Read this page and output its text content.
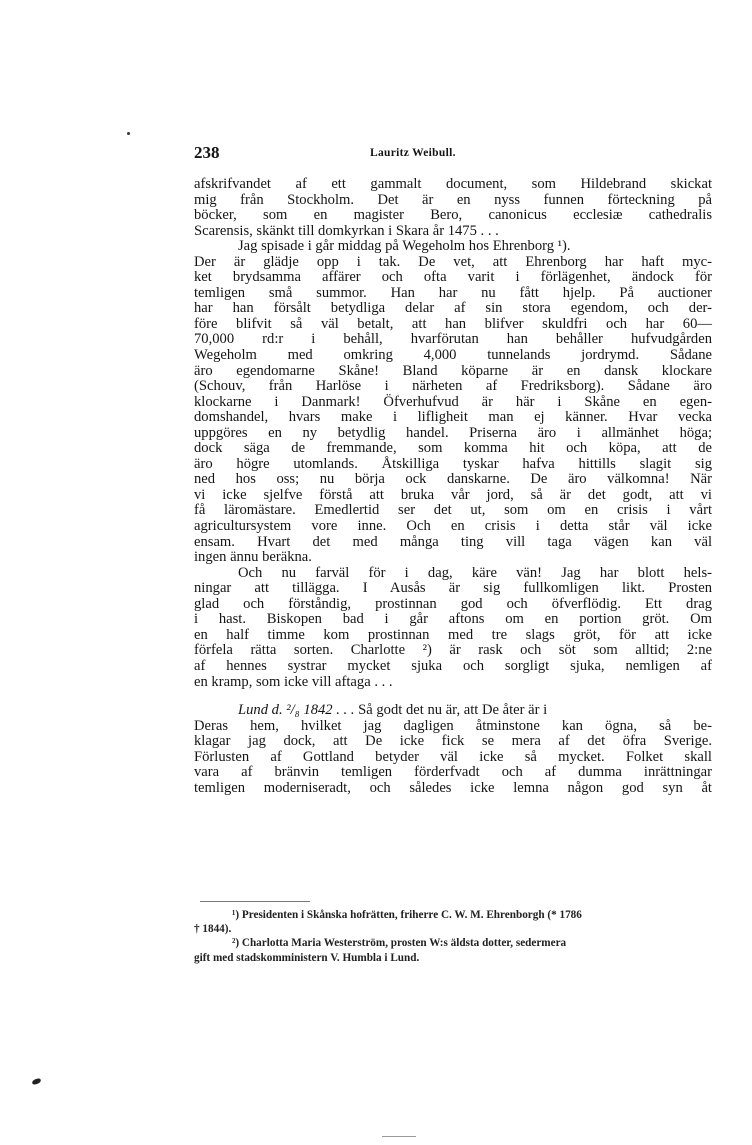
238	Lauritz Weibull.
afskrifvandet af ett gammalt document, som Hildebrand skickat
mig från Stockholm. Det är en nyss funnen förteckning på
böcker, som en magister Bero, canonicus ecclesiæ cathedralis
Scarensis, skänkt till domkyrkan i Skara år 1475 . . .
Jag spisade i går middag på Wegeholm hos Ehrenborg ¹).
Der är glädje opp i tak. De vet, att Ehrenborg har haft myc-
ket brydsamma affärer och ofta varit i förlägenhet, ändock för
temligen små summor. Han har nu fått hjelp. På auctioner
har han försålt betydliga delar af sin stora egendom, och der-
före blifvit så väl betalt, att han blifver skuldfri och har 60—
70,000 rd:r i behåll, hvarförutan han behåller hufvudgården
Wegeholm med omkring 4,000 tunnelands jordrymd. Sådane
äro egendomarne Skåne! Bland köparne är en dansk klockare
(Schouv, från Harlöse i närheten af Fredriksborg). Sådane äro
klockarne i Danmark! Öfverhufvud är här i Skåne en egen-
domshandel, hvars make i lifligheit man ej känner. Hvar vecka
uppgöres en ny betydlig handel. Priserna äro i allmänhet höga;
dock säga de fremmande, som komma hit och köpa, att de
äro högre utomlands. Åtskilliga tyskar hafva hittills slagit sig
ned hos oss; nu börja ock danskarne. De äro välkomna! När
vi icke sjelfve förstå att bruka vår jord, så är det godt, att vi
få läromästare. Emedlertid ser det ut, som om en crisis i vårt
agricultursystem vore inne. Och en crisis i detta står väl icke
ensam. Hvart det med många ting vill taga vägen kan väl
ingen ännu beräkna.
Och nu farväl för i dag, käre vän! Jag har blott hels-
ningar att tillägga. I Ausås är sig fullkomligen likt. Prosten
glad och förståndig, prostinnan god och öfverflödig. Ett drag
i hast. Biskopen bad i går aftons om en portion gröt. Om
en half timme kom prostinnan med tre slags gröt, för att icke
förfela rätta sorten. Charlotte ²) är rask och söt som alltid; 2:ne
af hennes systrar mycket sjuka och sorgligt sjuka, nemligen af
en kramp, som icke vill aftaga . . .
Lund d. ²/₈ 1842 . . . Så godt det nu är, att De åter är i
Deras hem, hvilket jag dagligen åtminstone kan ögna, så be-
klagar jag dock, att De icke fick se mera af det öfra Sverige.
Förlusten af Gottland betyder väl icke så mycket. Folket skall
vara af bränvin temligen förderfvadt och af dumma inrättningar
temligen moderniseradt, och således icke lemna någon god syn åt
¹) Presidenten i Skånska hofrätten, friherre C. W. M. Ehrenborgh (* 1786
† 1844).
²) Charlotta Maria Westerström, prosten W:s äldsta dotter, sedermera
gift med stadskomministern V. Humbla i Lund.
